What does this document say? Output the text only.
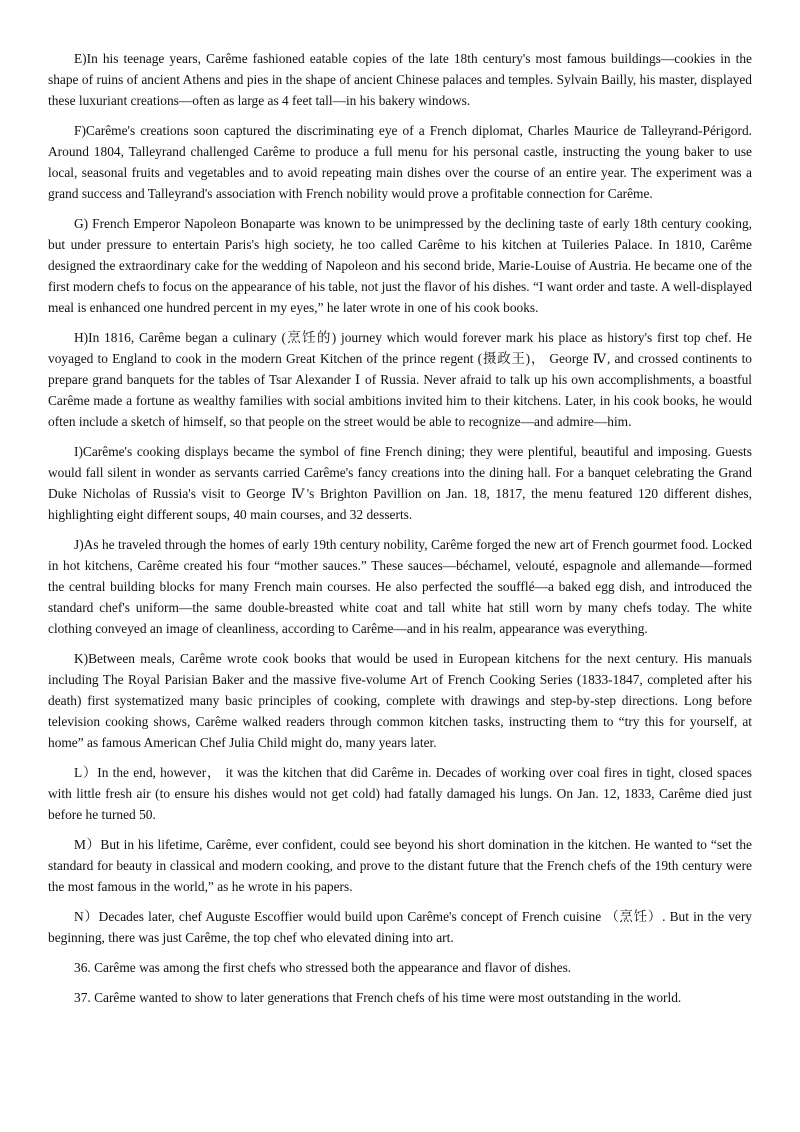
E)In his teenage years, Carême fashioned eatable copies of the late 18th century's most famous buildings—cookies in the shape of ruins of ancient Athens and pies in the shape of ancient Chinese palaces and temples. Sylvain Bailly, his master, displayed these luxuriant creations—often as large as 4 feet tall—in his bakery windows.

F)Carême's creations soon captured the discriminating eye of a French diplomat, Charles Maurice de Talleyrand-Périgord. Around 1804, Talleyrand challenged Carême to produce a full menu for his personal castle, instructing the young baker to use local, seasonal fruits and vegetables and to avoid repeating main dishes over the course of an entire year. The experiment was a grand success and Talleyrand's association with French nobility would prove a profitable connection for Carême.

G) French Emperor Napoleon Bonaparte was known to be unimpressed by the declining taste of early 18th century cooking, but under pressure to entertain Paris's high society, he too called Carême to his kitchen at Tuileries Palace. In 1810, Carême designed the extraordinary cake for the wedding of Napoleon and his second bride, Marie-Louise of Austria. He became one of the first modern chefs to focus on the appearance of his table, not just the flavor of his dishes. “I want order and taste. A well-displayed meal is enhanced one hundred percent in my eyes,” he later wrote in one of his cook books.

H)In 1816, Carême began a culinary (烹饪的) journey which would forever mark his place as history's first top chef. He voyaged to England to cook in the modern Great Kitchen of the prince regent (摄政王)， George Ⅳ, and crossed continents to prepare grand banquets for the tables of Tsar Alexander Ⅰ of Russia. Never afraid to talk up his own accomplishments, a boastful Carême made a fortune as wealthy families with social ambitions invited him to their kitchens. Later, in his cook books, he would often include a sketch of himself, so that people on the street would be able to recognize—and admire—him.

I)Carême's cooking displays became the symbol of fine French dining; they were plentiful, beautiful and imposing. Guests would fall silent in wonder as servants carried Carême's fancy creations into the dining hall. For a banquet celebrating the Grand Duke Nicholas of Russia's visit to George Ⅳ's Brighton Pavillion on Jan. 18, 1817, the menu featured 120 different dishes, highlighting eight different soups, 40 main courses, and 32 desserts.

J)As he traveled through the homes of early 19th century nobility, Carême forged the new art of French gourmet food. Locked in hot kitchens, Carême created his four “mother sauces.” These sauces—béchamel, velouté, espagnole and allemande—formed the central building blocks for many French main courses. He also perfected the soufflé—a baked egg dish, and introduced the standard chef's uniform—the same double-breasted white coat and tall white hat still worn by many chefs today. The white clothing conveyed an image of cleanliness, according to Carême—and in his realm, appearance was everything.

K)Between meals, Carême wrote cook books that would be used in European kitchens for the next century. His manuals including The Royal Parisian Baker and the massive five-volume Art of French Cooking Series (1833-1847, completed after his death) first systematized many basic principles of cooking, complete with drawings and step-by-step directions. Long before television cooking shows, Carême walked readers through common kitchen tasks, instructing them to “try this for yourself, at home” as famous American Chef Julia Child might do, many years later.

L）In the end, however， it was the kitchen that did Carême in. Decades of working over coal fires in tight, closed spaces with little fresh air (to ensure his dishes would not get cold) had fatally damaged his lungs. On Jan. 12, 1833, Carême died just before he turned 50.

M）But in his lifetime, Carême, ever confident, could see beyond his short domination in the kitchen. He wanted to “set the standard for beauty in classical and modern cooking, and prove to the distant future that the French chefs of the 19th century were the most famous in the world,” as he wrote in his papers.

N）Decades later, chef Auguste Escoffier would build upon Carême's concept of French cuisine （烹饪）. But in the very beginning, there was just Carême, the top chef who elevated dining into art.

36. Carême was among the first chefs who stressed both the appearance and flavor of dishes.

37. Carême wanted to show to later generations that French chefs of his time were most outstanding in the world.
